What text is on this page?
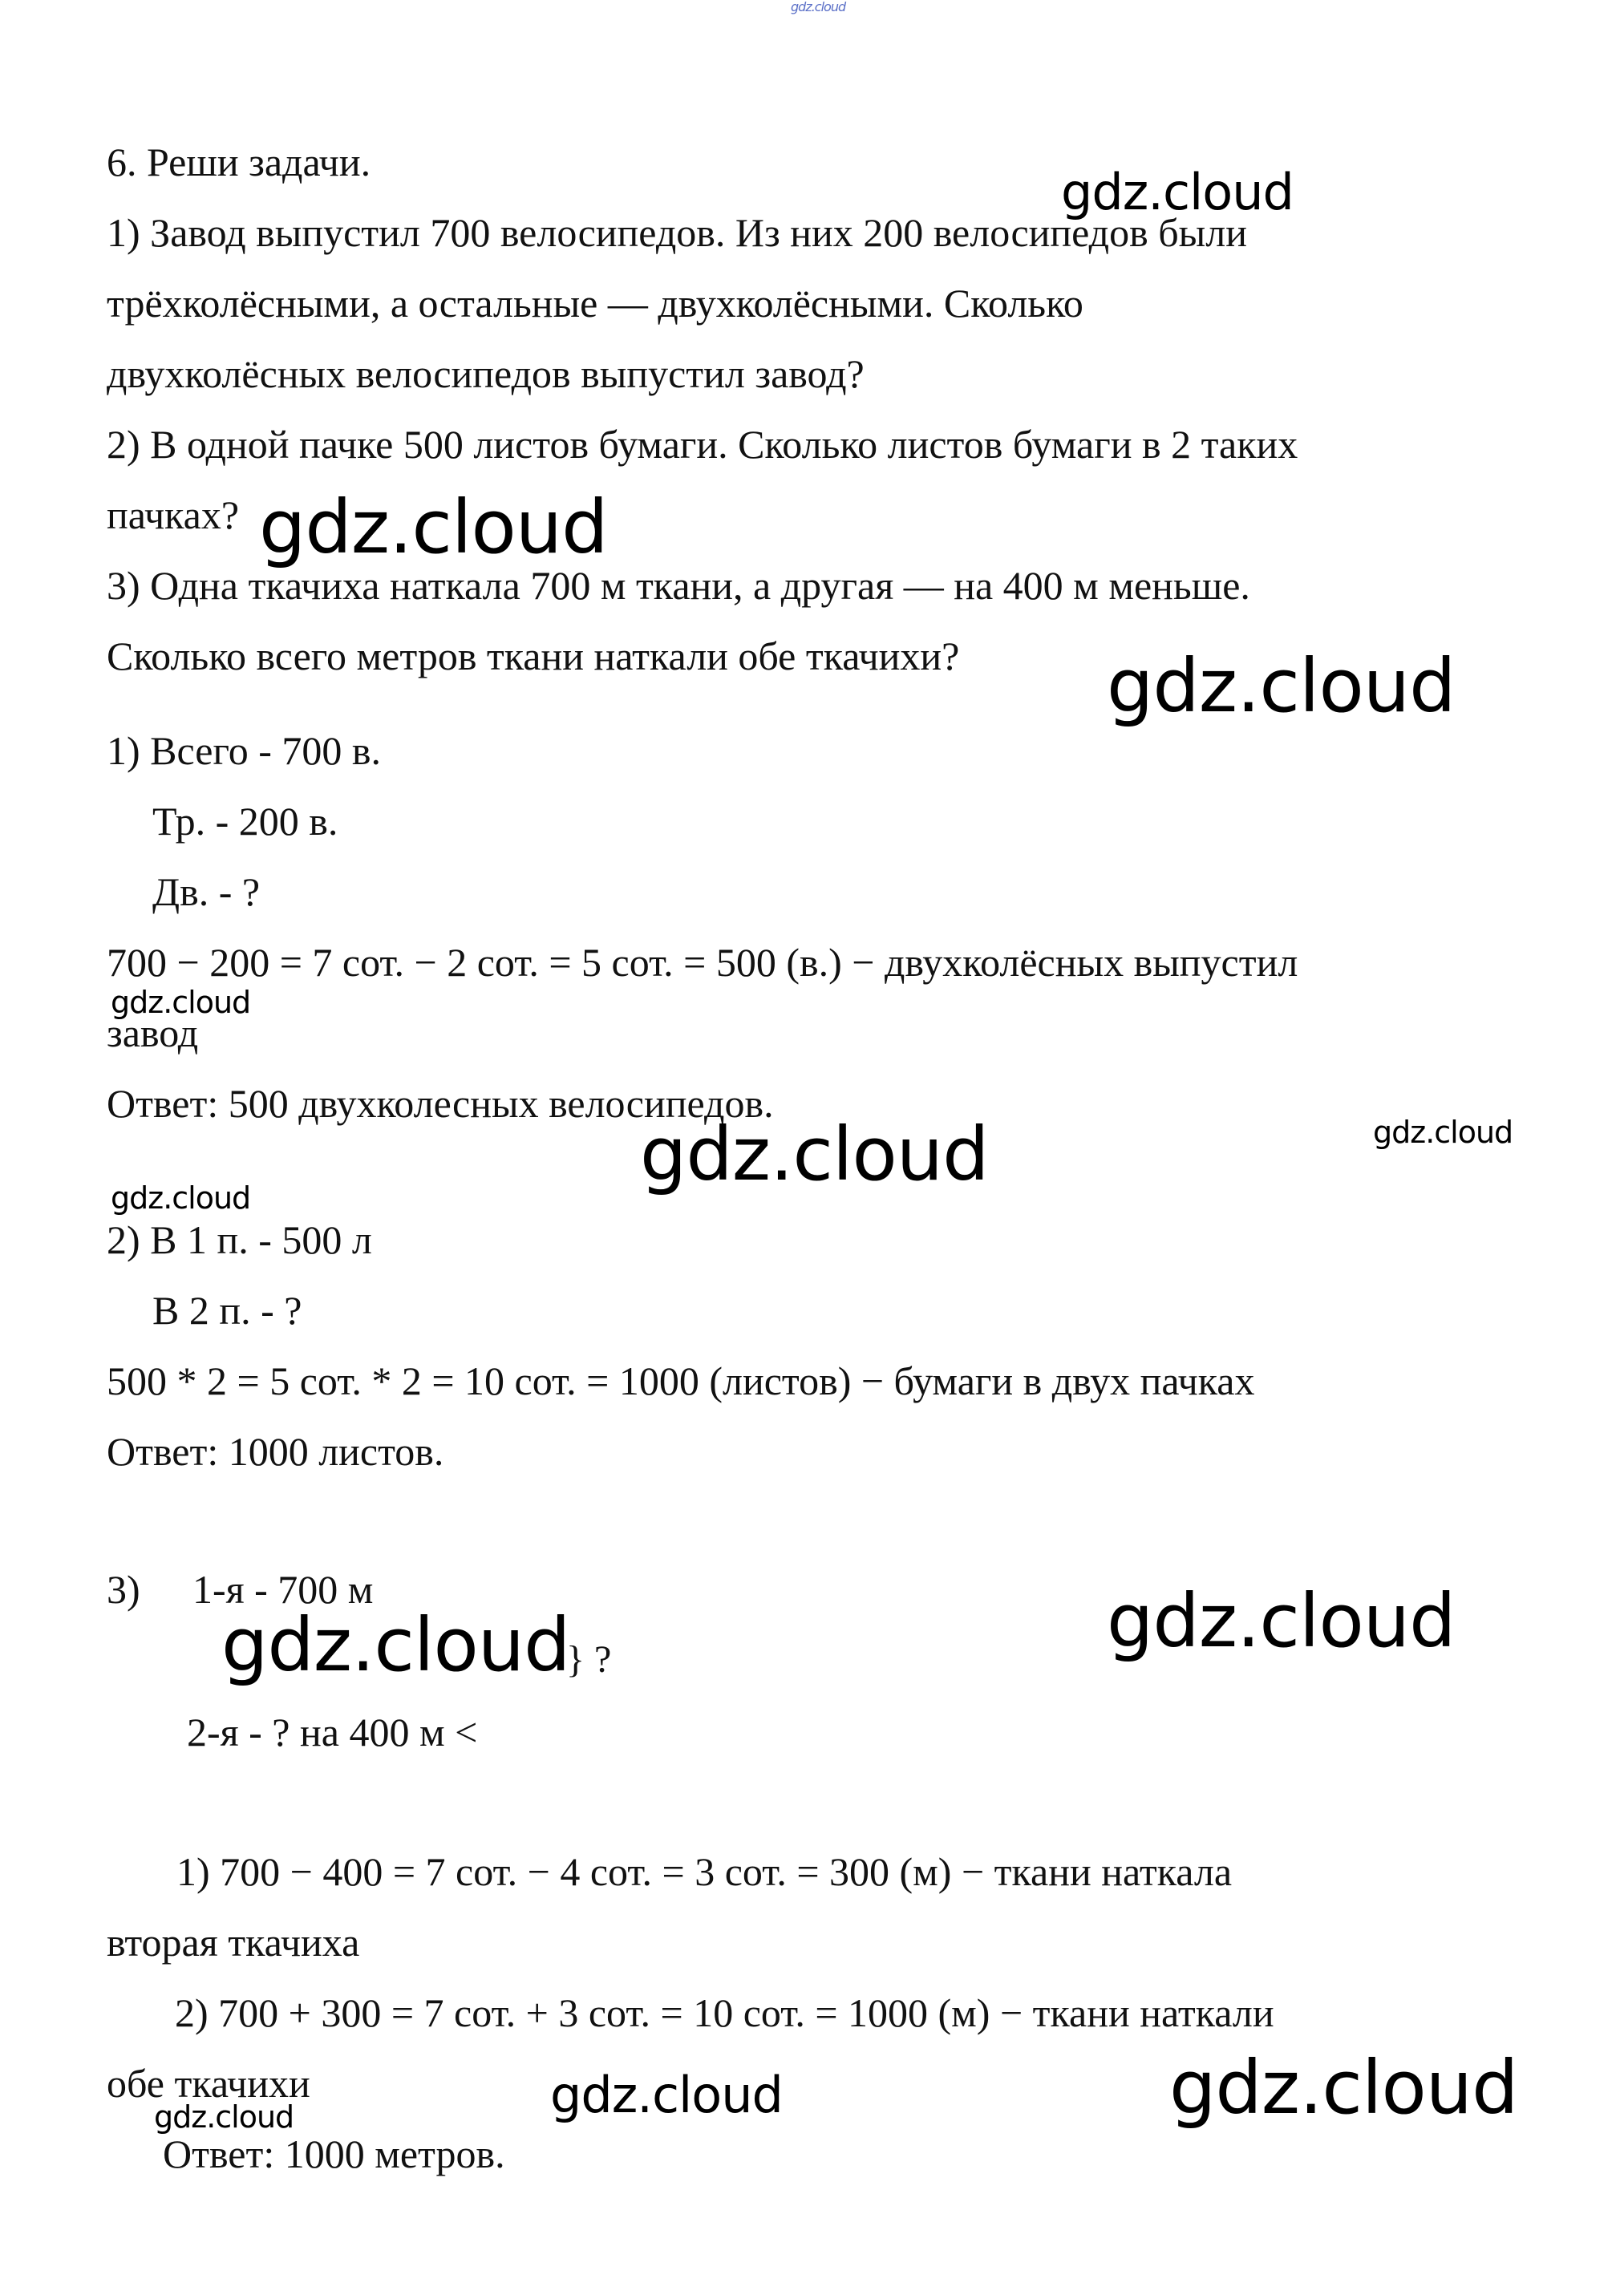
gdz.cloud
6. Реши задачи.
1) Завод выпустил 700 велосипедов. Из них 200 велосипедов были
трёхколёсными, а остальные — двухколёсными. Сколько
двухколёсных велосипедов выпустил завод?
2) В одной пачке 500 листов бумаги. Сколько листов бумаги в 2 таких
пачках?
3) Одна ткачиха наткала 700 м ткани, а другая — на 400 м меньше.
Сколько всего метров ткани наткали обе ткачихи?
1) Всего - 700 в.
Тр. - 200 в.
Дв. - ?
700 − 200 = 7 сот. − 2 сот. = 5 сот. = 500 (в.) − двухколёсных выпустил
завод
Ответ: 500 двухколесных велосипедов.
2) В 1 п. - 500 л
В 2 п. - ?
500 * 2 = 5 сот. * 2 = 10 сот. = 1000 (листов) − бумаги в двух пачках
Ответ: 1000 листов.
3) 1-я - 700 м
} ?
2-я - ? на 400 м <
1) 700 − 400 = 7 сот. − 4 сот. = 3 сот. = 300 (м) − ткани наткала
вторая ткачиха
2) 700 + 300 = 7 сот. + 3 сот. = 10 сот. = 1000 (м) − ткани наткали
обе ткачихи
Ответ: 1000 метров.
gdz.cloud
gdz.cloud
gdz.cloud
gdz.cloud
gdz.cloud	gdz.cloud
gdz.cloud
gdz.cloud	gdz.cloud
gdz.cloud	gdz.cloud
gdz.cloud
